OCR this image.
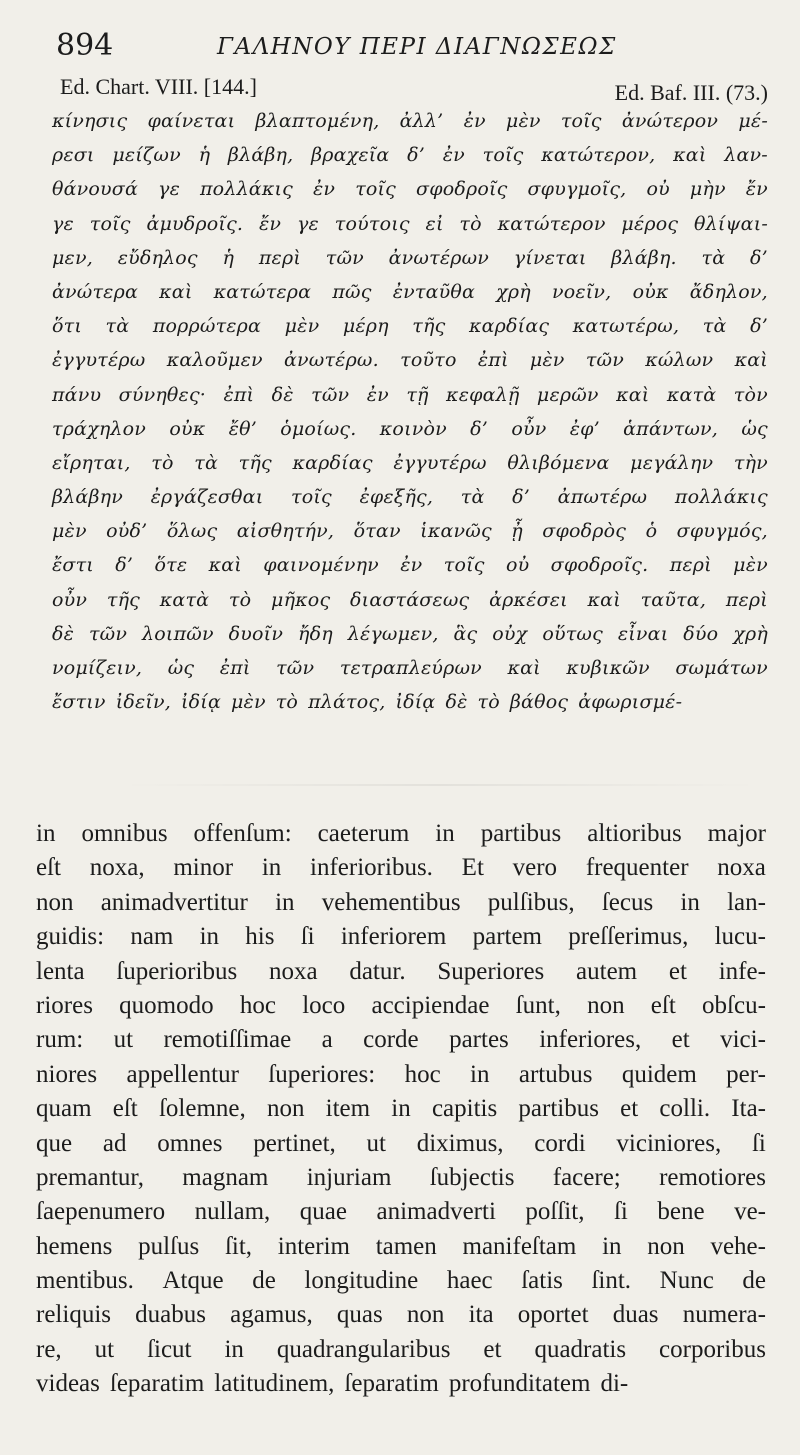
894	ΓΑΛΗΝΟΥ ΠΕΡΙ ΔΙΑΓΝΩΣΕΩΣ
Ed. Chart. VIII. [144.]	Ed. Baf. III. (73.)
κίνησις φαίνεται βλαπτομένη, ἀλλ’ ἐν μὲν τοῖς ἀνώτερον μέ-
ρεσι μείζων ἡ βλάβη, βραχεῖα δ’ ἐν τοῖς κατώτερον, καὶ λαν-
θάνουσά γε πολλάκις ἐν τοῖς σφοδροῖς σφυγμοῖς, οὐ μὴν ἔν
γε τοῖς ἀμυδροῖς. ἔν γε τούτοις εἰ τὸ κατώτερον μέρος θλίψαι-
μεν, εὔδηλος ἡ περὶ τῶν ἀνωτέρων γίνεται βλάβη. τὰ δ’
ἀνώτερα καὶ κατώτερα πῶς ἐνταῦθα χρὴ νοεῖν, οὐκ ἄδηλον,
ὅτι τὰ πορρώτερα μὲν μέρη τῆς καρδίας κατωτέρω, τὰ δ’
ἐγγυτέρω καλοῦμεν ἀνωτέρω. τοῦτο ἐπὶ μὲν τῶν κώλων καὶ
πάνυ σύνηθες· ἐπὶ δὲ τῶν ἐν τῇ κεφαλῇ μερῶν καὶ κατὰ τὸν
τράχηλον οὐκ ἔθ’ ὁμοίως. κοινὸν δ’ οὖν ἐφ’ ἁπάντων, ὡς
εἴρηται, τὸ τὰ τῆς καρδίας ἐγγυτέρω θλιβόμενα μεγάλην τὴν
βλάβην ἐργάζεσθαι τοῖς ἐφεξῆς, τὰ δ’ ἀπωτέρω πολλάκις
μὲν οὐδ’ ὅλως αἰσθητήν, ὅταν ἱκανῶς ᾖ σφοδρὸς ὁ σφυγμός,
ἔστι δ’ ὅτε καὶ φαινομένην ἐν τοῖς οὐ σφοδροῖς. περὶ μὲν
οὖν τῆς κατὰ τὸ μῆκος διαστάσεως ἀρκέσει καὶ ταῦτα, περὶ
δὲ τῶν λοιπῶν δυοῖν ἤδη λέγωμεν, ἃς οὐχ οὕτως εἶναι δύο χρὴ
νομίζειν, ὡς ἐπὶ τῶν τετραπλεύρων καὶ κυβικῶν σωμάτων
ἔστιν ἰδεῖν, ἰδίᾳ μὲν τὸ πλάτος, ἰδίᾳ δὲ τὸ βάθος ἀφωρισμέ-
in omnibus offenſum: caeterum in partibus altioribus major
eſt noxa, minor in inferioribus. Et vero frequenter noxa
non animadvertitur in vehementibus pulſibus, ſecus in lan-
guidis: nam in his ſi inferiorem partem preſſerimus, lucu-
lenta ſuperioribus noxa datur. Superiores autem et infe-
riores quomodo hoc loco accipiendae ſunt, non eſt obſcu-
rum: ut remotiſſimae a corde partes inferiores, et vici-
niores appellentur ſuperiores: hoc in artubus quidem per-
quam eſt ſolemne, non item in capitis partibus et colli. Ita-
que ad omnes pertinet, ut diximus, cordi viciniores, ſi
premantur, magnam injuriam ſubjectis facere; remotiores
ſaepenumero nullam, quae animadverti poſſit, ſi bene ve-
hemens pulſus ſit, interim tamen manifeſtam in non vehe-
mentibus. Atque de longitudine haec ſatis ſint. Nunc de
reliquis duabus agamus, quas non ita oportet duas numera-
re, ut ſicut in quadrangularibus et quadratis corporibus
videas ſeparatim latitudinem, ſeparatim profunditatem di-
